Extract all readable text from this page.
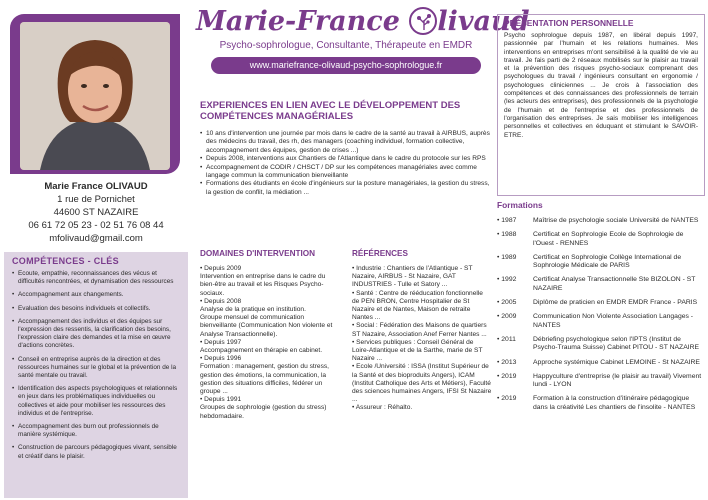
Marie France OLIVAUD
1 rue de Pornichet
44600 ST NAZAIRE
06 61 72 05 23 - 02 51 76 08 44
mfolivaud@gmail.com
COMPÉTENCES - CLÉS
• Ecoute, empathie, reconnaissances des vécus et difficultés rencontrées, et dynamisation des ressources
• Accompagnement aux changements.
• Evaluation des besoins individuels et collectifs.
• Accompagnement des individus et des équipes sur l'expression des ressentis, la clarification des besoins, l'expression claire des demandes et la mise en œuvre d'actions concrètes.
• Conseil en entreprise auprès de la direction et des ressources humaines sur le global et la prévention de la santé mentale ou travail.
• Identification des aspects psychologiques et relationnels en jeux dans les problématiques individuelles ou collectives et aide pour mobiliser les ressources des individus et de l'entreprise.
• Accompagnement des burn out professionnels de manière systémique.
• Construction de parcours pédagogiques vivant, sensible et créatif dans le plaisir.
Marie-France
livaud
Psycho-sophrologue, Consultante, Thérapeute en EMDR
www.mariefrance-olivaud-psycho-sophrologue.fr
EXPERIENCES EN LIEN AVEC LE DÉVELOPPEMENT DES COMPÉTENCES MANAGÉRIALES
• 10 ans d'intervention une journée par mois dans le cadre de la santé au travail à AIRBUS, auprès des médecins du travail, des rh, des managers (coaching individuel, formation collective, accompagnement des équipes, gestion de crises ...)
• Depuis 2008, interventions aux Chantiers de l'Atlantique dans le cadre du protocole sur les RPS
• Accompagnement de CODIR / CHSCT / DP sur les compétences managériales avec comme langage commun la communication bienveillante
• Formations des étudiants en école d'ingénieurs sur la posture managériales, la gestion du stress, la gestion de conflit, la médiation ...
DOMAINES D'INTERVENTION
• Depuis 2009
Intervention en entreprise dans le cadre du bien-être au travail et les Risques Psycho-sociaux.
• Depuis 2008
Analyse de la pratique en institution.
Groupe mensuel de communication bienveillante (Communication Non violente et Analyse Transactionnelle).
• Depuis 1997
Accompagnement en thérapie en cabinet.
• Depuis 1996
Formation : management, gestion du stress, gestion des émotions, la communication, la gestion des situations difficiles, fédérer un groupe ...
• Depuis 1991
Groupes de sophrologie (gestion du stress) hebdomadaire.
RÉFÉRENCES
• Industrie : Chantiers de l'Atlantique - ST Nazaire, AIRBUS - St Nazaire, GAT INDUSTRIES - Tulle et Satory ...
• Santé : Centre de rééducation fonctionnelle de PEN BRON, Centre Hospitalier de St Nazaire et de Nantes, Maison de retraite Nantes ...
• Social : Fédération des Maisons de quartiers ST Nazaire, Association Anef Ferrer Nantes ...
• Services publiques : Conseil Général de Loire-Atlantique et de la Sarthe, marie de ST Nazaire ...
• Ecole /Université : ISSA (Institut Supérieur de la Santé et des bioproduits Angers), ICAM (Institut Catholique des Arts et Métiers), Faculté des sciences humaines Angers, IFSI St Nazaire ...
• Assureur : Réhalto.
PRÉSENTATION PERSONNELLE
Psycho sophrologue depuis 1987, en libéral depuis 1997, passionnée par l'humain et les relations humaines. Mes interventions en entreprises m'ont sensibilisé à la qualité de vie au travail. Je fais parti de 2 réseaux mobilisés sur le plaisir au travail et la prévention des risques psycho-sociaux comprenant des psychologues du travail / ingénieurs consultant en ergonomie / psychologues cliniciennes ... Je crois à l'association des compétences et des connaissances des professionnels de terrain (les acteurs des entreprises), des professionnels de la psychologie de l'humain et de l'entreprise et des professionnels de l'organisation des entreprises. Je sais mobiliser les intelligences personnelles et collectives en éduquant et stimulant le SAVOIR- ETRE.
Formations
• 1987	Maîtrise de psychologie sociale Université de NANTES
• 1988	Certificat en Sophrologie Ecole de Sophrologie de l'Ouest - RENNES
• 1989	Certificat en Sophrologie Collège International de Sophrologie Médicale de PARIS
• 1992	Certificat Analyse Transactionnelle Ste BIZOLON - ST NAZAIRE
• 2005	Diplôme de praticien en EMDR EMDR France - PARIS
• 2009	Communication Non Violente Association Langages - NANTES
• 2011	Débriefing psychologique selon l'IPTS (Institut de Psycho-Trauma Suisse) Cabinet PITOU - ST NAZAIRE
• 2013	Approche systémique Cabinet LEMOINE - St NAZAIRE
• 2019	Happyculture d'entreprise (le plaisir au travail) Vivement lundi - LYON
• 2019	Formation à la construction d'itinéraire pédagogique dans la créativité Les chantiers de l'insolite - NANTES
